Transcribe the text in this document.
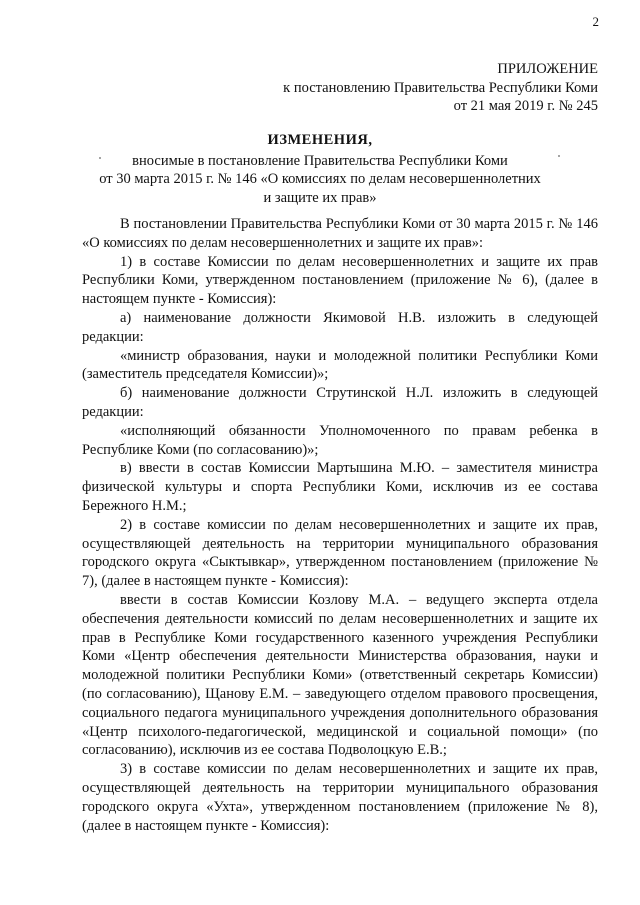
2
ПРИЛОЖЕНИЕ
к постановлению Правительства Республики Коми
от 21 мая 2019 г. № 245
ИЗМЕНЕНИЯ,
вносимые в постановление Правительства Республики Коми
от 30 марта 2015 г. № 146 «О комиссиях по делам несовершеннолетних
и защите их прав»

В постановлении Правительства Республики Коми от 30 марта 2015 г. № 146 «О комиссиях по делам несовершеннолетних и защите их прав»:

1) в составе Комиссии по делам несовершеннолетних и защите их прав Республики Коми, утвержденном постановлением (приложение № 6), (далее в настоящем пункте - Комиссия):

а) наименование должности Якимовой Н.В. изложить в следующей редакции:

«министр образования, науки и молодежной политики Республики Коми (заместитель председателя Комиссии)»;

б) наименование должности Струтинской Н.Л. изложить в следующей редакции:

«исполняющий обязанности Уполномоченного по правам ребенка в Республике Коми (по согласованию)»;

в) ввести в состав Комиссии Мартышина М.Ю. – заместителя министра физической культуры и спорта Республики Коми, исключив из ее состава Бережного Н.М.;

2) в составе комиссии по делам несовершеннолетних и защите их прав, осуществляющей деятельность на территории муниципального образования городского округа «Сыктывкар», утвержденном постановлением (приложение № 7), (далее в настоящем пункте - Комиссия):

ввести в состав Комиссии Козлову М.А. – ведущего эксперта отдела обеспечения деятельности комиссий по делам несовершеннолетних и защите их прав в Республике Коми государственного казенного учреждения Республики Коми «Центр обеспечения деятельности Министерства образования, науки и молодежной политики Республики Коми» (ответственный секретарь Комиссии) (по согласованию), Щанову Е.М. – заведующего отделом правового просвещения, социального педагога муниципального учреждения дополнительного образования «Центр психолого-педагогической, медицинской и социальной помощи» (по согласованию), исключив из ее состава Подволоцкую Е.В.;

3) в составе комиссии по делам несовершеннолетних и защите их прав, осуществляющей деятельность на территории муниципального образования городского округа «Ухта», утвержденном постановлением (приложение № 8), (далее в настоящем пункте - Комиссия):
